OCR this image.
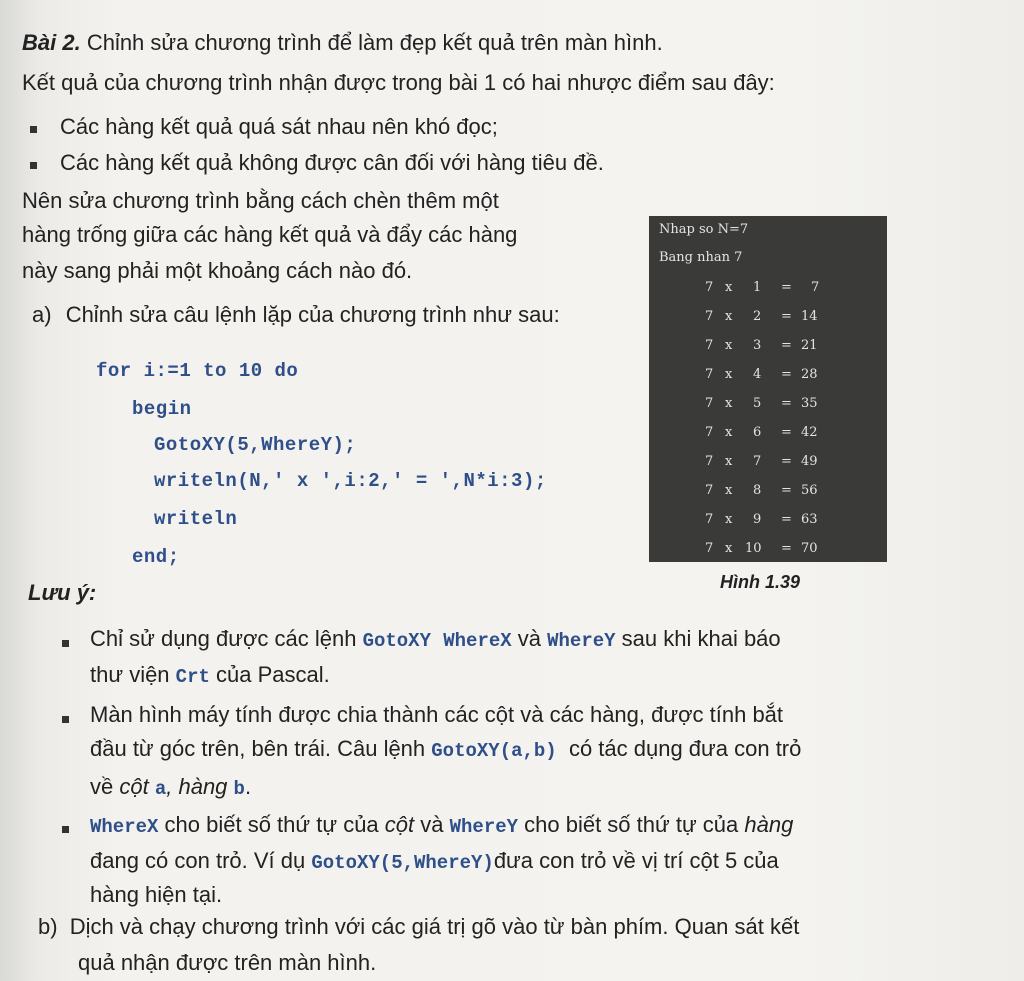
Bài 2. Chỉnh sửa chương trình để làm đẹp kết quả trên màn hình.
Kết quả của chương trình nhận được trong bài 1 có hai nhược điểm sau đây:
Các hàng kết quả quá sát nhau nên khó đọc;
Các hàng kết quả không được cân đối với hàng tiêu đề.
Nên sửa chương trình bằng cách chèn thêm một
hàng trống giữa các hàng kết quả và đẩy các hàng
này sang phải một khoảng cách nào đó.
a) Chỉnh sửa câu lệnh lặp của chương trình như sau:
for i:=1 to 10 do
begin
GotoXY(5,WhereY);
writeln(N,' x ',i:2,' = ',N*i:3);
writeln
end;
Nhap so N=7
Bang nhan 7
7 x 1 = 7
7 x 2 = 14
7 x 3 = 21
7 x 4 = 28
7 x 5 = 35
7 x 6 = 42
7 x 7 = 49
7 x 8 = 56
7 x 9 = 63
7 x 10 = 70
Hình 1.39
Lưu ý:
Chỉ sử dụng được các lệnh GotoXY WhereX và WhereY sau khi khai báo
thư viện Crt của Pascal.
Màn hình máy tính được chia thành các cột và các hàng, được tính bắt
đầu từ góc trên, bên trái. Câu lệnh GotoXY(a,b)  có tác dụng đưa con trỏ
về cột a, hàng b.
WhereX cho biết số thứ tự của cột và WhereY cho biết số thứ tự của hàng
đang có con trỏ. Ví dụ GotoXY(5,WhereY)đưa con trỏ về vị trí cột 5 của
hàng hiện tại.
b) Dịch và chạy chương trình với các giá trị gõ vào từ bàn phím. Quan sát kết
quả nhận được trên màn hình.
